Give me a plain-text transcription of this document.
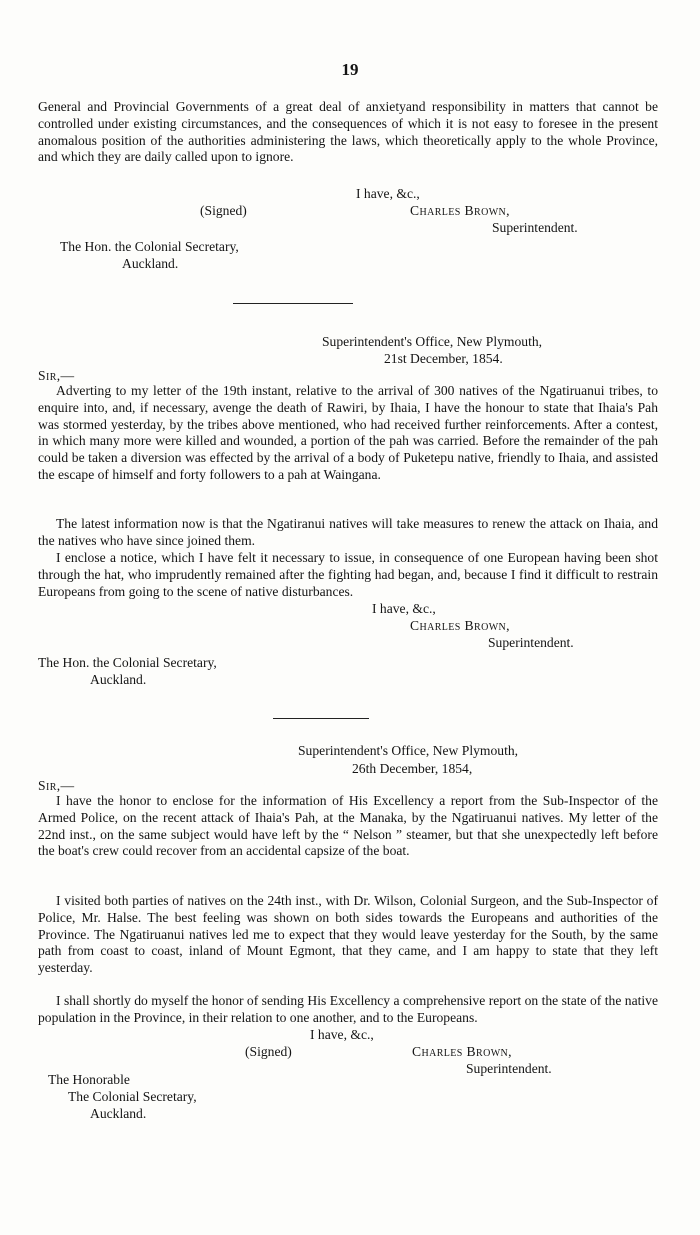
19

General and Provincial Governments of a great deal of anxietyand responsibility in matters that cannot be controlled under existing circumstances, and the consequences of which it is not easy to foresee in the present anomalous position of the authorities administering the laws, which theoretically apply to the whole Province, and which they are daily called upon to ignore.

I have, &c.,
(Signed)	Charles Brown,
Superintendent.
The Hon. the Colonial Secretary,
Auckland.
Superintendent's Office, New Plymouth,
21st December, 1854.
Sir,—

Adverting to my letter of the 19th instant, relative to the arrival of 300 natives of the Ngatiruanui tribes, to enquire into, and, if necessary, avenge the death of Rawiri, by Ihaia, I have the honour to state that Ihaia's Pah was stormed yesterday, by the tribes above mentioned, who had received further reinforcements. After a contest, in which many more were killed and wounded, a portion of the pah was carried. Before the remainder of the pah could be taken a diversion was effected by the arrival of a body of Puketepu native, friendly to Ihaia, and assisted the escape of himself and forty followers to a pah at Waingana.

The latest information now is that the Ngatiranui natives will take measures to renew the attack on Ihaia, and the natives who have since joined them.

I enclose a notice, which I have felt it necessary to issue, in consequence of one European having been shot through the hat, who imprudently remained after the fighting had began, and, because I find it difficult to restrain Europeans from going to the scene of native disturbances.

I have, &c.,
Charles Brown,
Superintendent.
The Hon. the Colonial Secretary,
Auckland.
Superintendent's Office, New Plymouth,
26th December, 1854,
Sir,—

I have the honor to enclose for the information of His Excellency a report from the Sub-Inspector of the Armed Police, on the recent attack of Ihaia's Pah, at the Manaka, by the Ngatiruanui natives. My letter of the 22nd inst., on the same subject would have left by the “ Nelson ” steamer, but that she unexpectedly left before the boat's crew could recover from an accidental capsize of the boat.

I visited both parties of natives on the 24th inst., with Dr. Wilson, Colonial Surgeon, and the Sub-Inspector of Police, Mr. Halse. The best feeling was shown on both sides towards the Europeans and authorities of the Province. The Ngatiruanui natives led me to expect that they would leave yesterday for the South, by the same path from coast to coast, inland of Mount Egmont, that they came, and I am happy to state that they left yesterday.

I shall shortly do myself the honor of sending His Excellency a comprehensive report on the state of the native population in the Province, in their relation to one another, and to the Europeans.

I have, &c.,
(Signed)	Charles Brown,
Superintendent.
The Honorable
The Colonial Secretary,
Auckland.
